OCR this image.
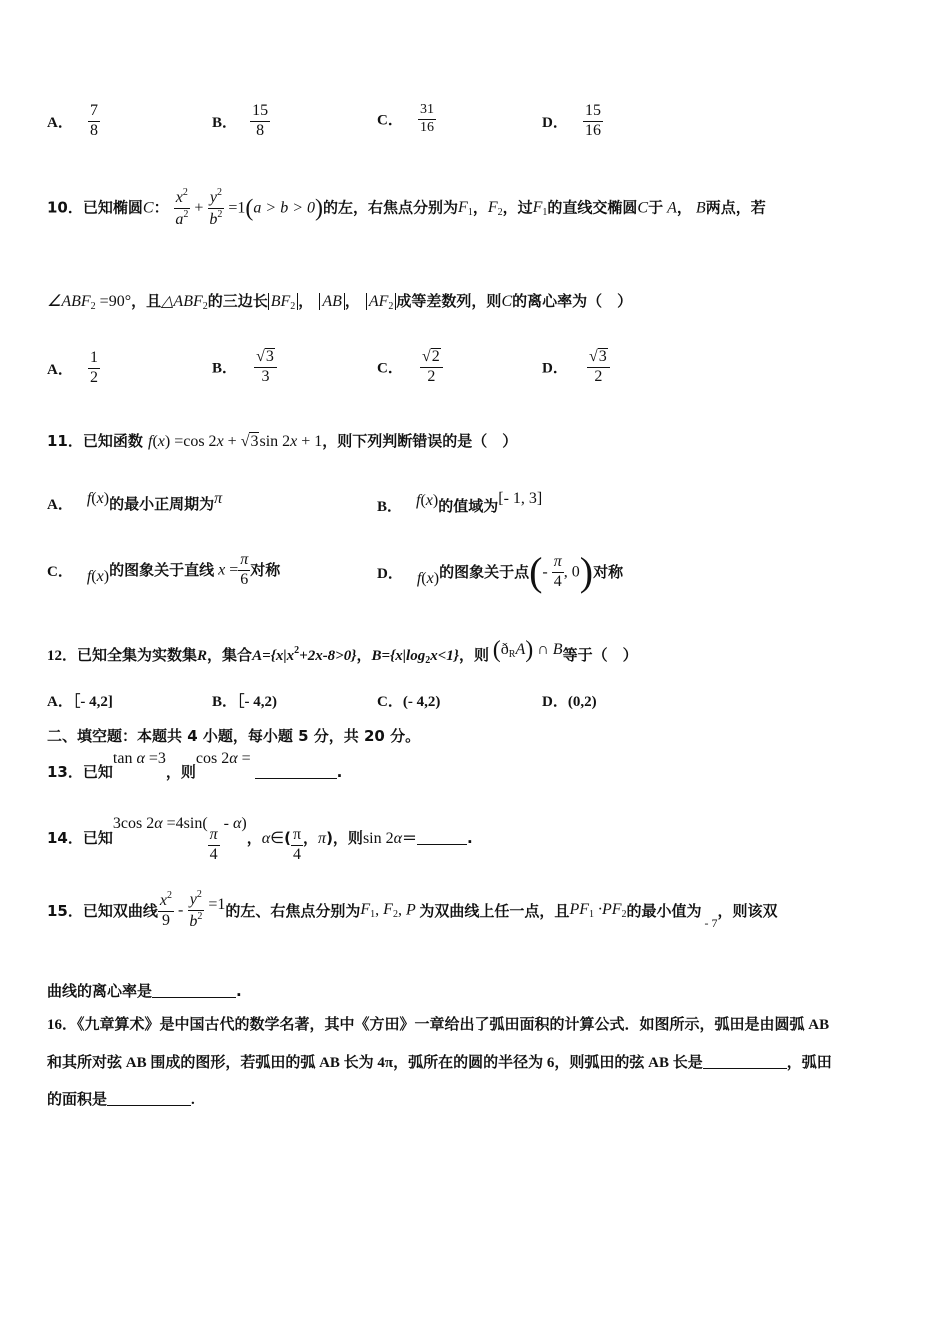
A． $\frac{7}{8}$	B． $\frac{15}{8}$	C． $\frac{31}{16}$	D． $\frac{15}{16}$
10．已知椭圆C： $\frac{x^2}{a^2} + \frac{y^2}{b^2} =1(a > b > 0)$的左，右焦点分别为$F_1$，$F_2$，过$F_1$的直线交椭圆C于 A， B两点，若
$\angle ABF_2 =90^\circ$，且$\triangle ABF_2$的三边长 $BF_2$ ， AB ， $AF_2$ 成等差数列，则C的离心率为（　）
A． $\frac{1}{2}$	B． $\frac{√3}{3}$	C． $\frac{√2}{2}$	D． $\frac{√3}{2}$
11．已知函数 f(x) =cos 2x + √3sin 2x + 1，则下列判断错误的是（　）
A． f(x)的最小正周期为π	B． f(x)的值域为[- 1, 3]
C． f(x)的图象关于直线 $x = \frac{\pi}{6}$ 对称	D． f(x)的图象关于点(- $\frac{\pi}{4}$ , 0)对称
12．已知全集为实数集R，集合$A=\{x|x^2+2x-8>0\}$，$B=\{x|\log_2x<1\}$，则 $(ð_RA)$ ∩ B等于（　）
A．［- 4,2]	B．［- 4,2)	C．(- 4,2)	D．(0,2)
二、填空题：本题共 4 小题，每小题 5 分，共 20 分。
13．已知tan α =3，则cos 2α = .
14．已知3cos 2α =4sin(
$\frac{\pi}{4}$
- α)，α∈( $\frac{\pi}{4}$ ，π)，则sin 2α＝	.
15．已知双曲线 $\frac{x^2}{9} - \frac{y^2}{b^2} =1$的左、右焦点分别为$F_1$, $F_2$, P 为双曲线上任一点，且$PF_1 \cdot PF_2$的最小值为 $_{- 7}$，则该双
曲线的离心率是	.
16．《九章算术》是中国古代的数学名著，其中《方田》一章给出了弧田面积的计算公式．如图所示，弧田是由圆弧 AB
和其所对弦 AB 围成的图形，若弧田的弧 AB 长为 4π，弧所在的圆的半径为 6，则弧田的弦 AB 长是	，弧田
的面积是	.
